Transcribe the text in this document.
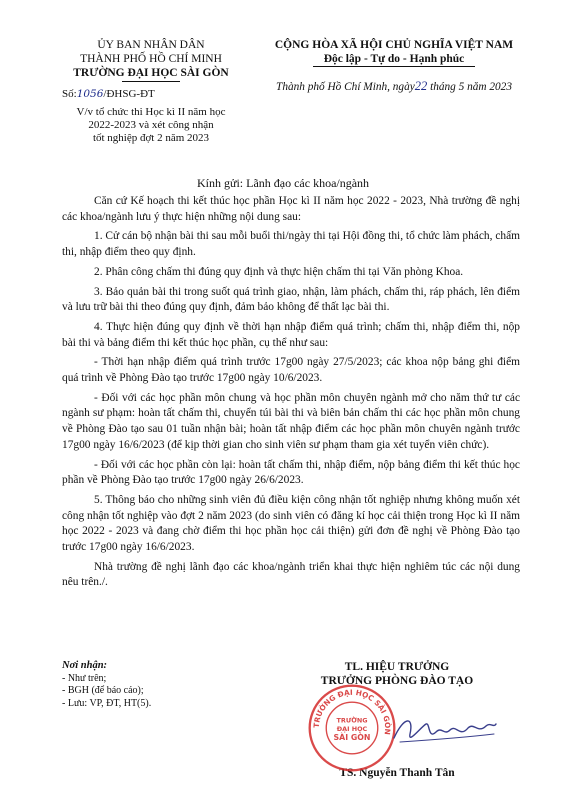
ỦY BAN NHÂN DÂN
THÀNH PHỐ HỒ CHÍ MINH
TRƯỜNG ĐẠI HỌC SÀI GÒN
Số:1056/ĐHSG-ĐT
V/v tổ chức thi Học kì II năm học
2022-2023 và xét công nhận
tốt nghiệp đợt 2 năm 2023
CỘNG HÒA XÃ HỘI CHỦ NGHĨA VIỆT NAM
Độc lập - Tự do - Hạnh phúc
Thành phố Hồ Chí Minh, ngày22 tháng 5 năm 2023
Kính gửi: Lãnh đạo các khoa/ngành

Căn cứ Kế hoạch thi kết thúc học phần Học kì II năm học 2022 - 2023, Nhà trường đề nghị các khoa/ngành lưu ý thực hiện những nội dung sau:

1. Cử cán bộ nhận bài thi sau mỗi buổi thi/ngày thi tại Hội đồng thi, tổ chức làm phách, chấm thi, nhập điểm theo quy định.

2. Phân công chấm thi đúng quy định và thực hiện chấm thi tại Văn phòng Khoa.

3. Bảo quản bài thi trong suốt quá trình giao, nhận, làm phách, chấm thi, ráp phách, lên điểm và lưu trữ bài thi theo đúng quy định, đảm bảo không để thất lạc bài thi.

4. Thực hiện đúng quy định về thời hạn nhập điểm quá trình; chấm thi, nhập điểm thi, nộp bài thi và bảng điểm thi kết thúc học phần, cụ thể như sau:

- Thời hạn nhập điểm quá trình trước 17g00 ngày 27/5/2023; các khoa nộp bảng ghi điểm quá trình về Phòng Đào tạo trước 17g00 ngày 10/6/2023.

- Đối với các học phần môn chung và học phần môn chuyên ngành mở cho năm thứ tư các ngành sư phạm: hoàn tất chấm thi, chuyển túi bài thi và biên bản chấm thi các học phần môn chung về Phòng Đào tạo sau 01 tuần nhận bài; hoàn tất nhập điểm các học phần môn chuyên ngành trước 17g00 ngày 16/6/2023 (để kịp thời gian cho sinh viên sư phạm tham gia xét tuyển viên chức).

- Đối với các học phần còn lại: hoàn tất chấm thi, nhập điểm, nộp bảng điểm thi kết thúc học phần về Phòng Đào tạo trước 17g00 ngày 26/6/2023.

5. Thông báo cho những sinh viên đủ điều kiện công nhận tốt nghiệp nhưng không muốn xét công nhận tốt nghiệp vào đợt 2 năm 2023 (do sinh viên có đăng kí học cải thiện trong Học kì II năm học 2022 - 2023 và đang chờ điểm thi học phần học cải thiện) gửi đơn đề nghị về Phòng Đào tạo trước 17g00 ngày 16/6/2023.

Nhà trường đề nghị lãnh đạo các khoa/ngành triển khai thực hiện nghiêm túc các nội dung nêu trên./.

Nơi nhận:
- Như trên;
- BGH (để báo cáo);
- Lưu: VP, ĐT, HT(5).
TL. HIỆU TRƯỞNG
TRƯỞNG PHÒNG ĐÀO TẠO
TS. Nguyễn Thanh Tân
TRƯỜNG ĐẠI HỌC SÀI GÒN
TRƯỜNG
ĐẠI HỌC
SÀI GÒN
